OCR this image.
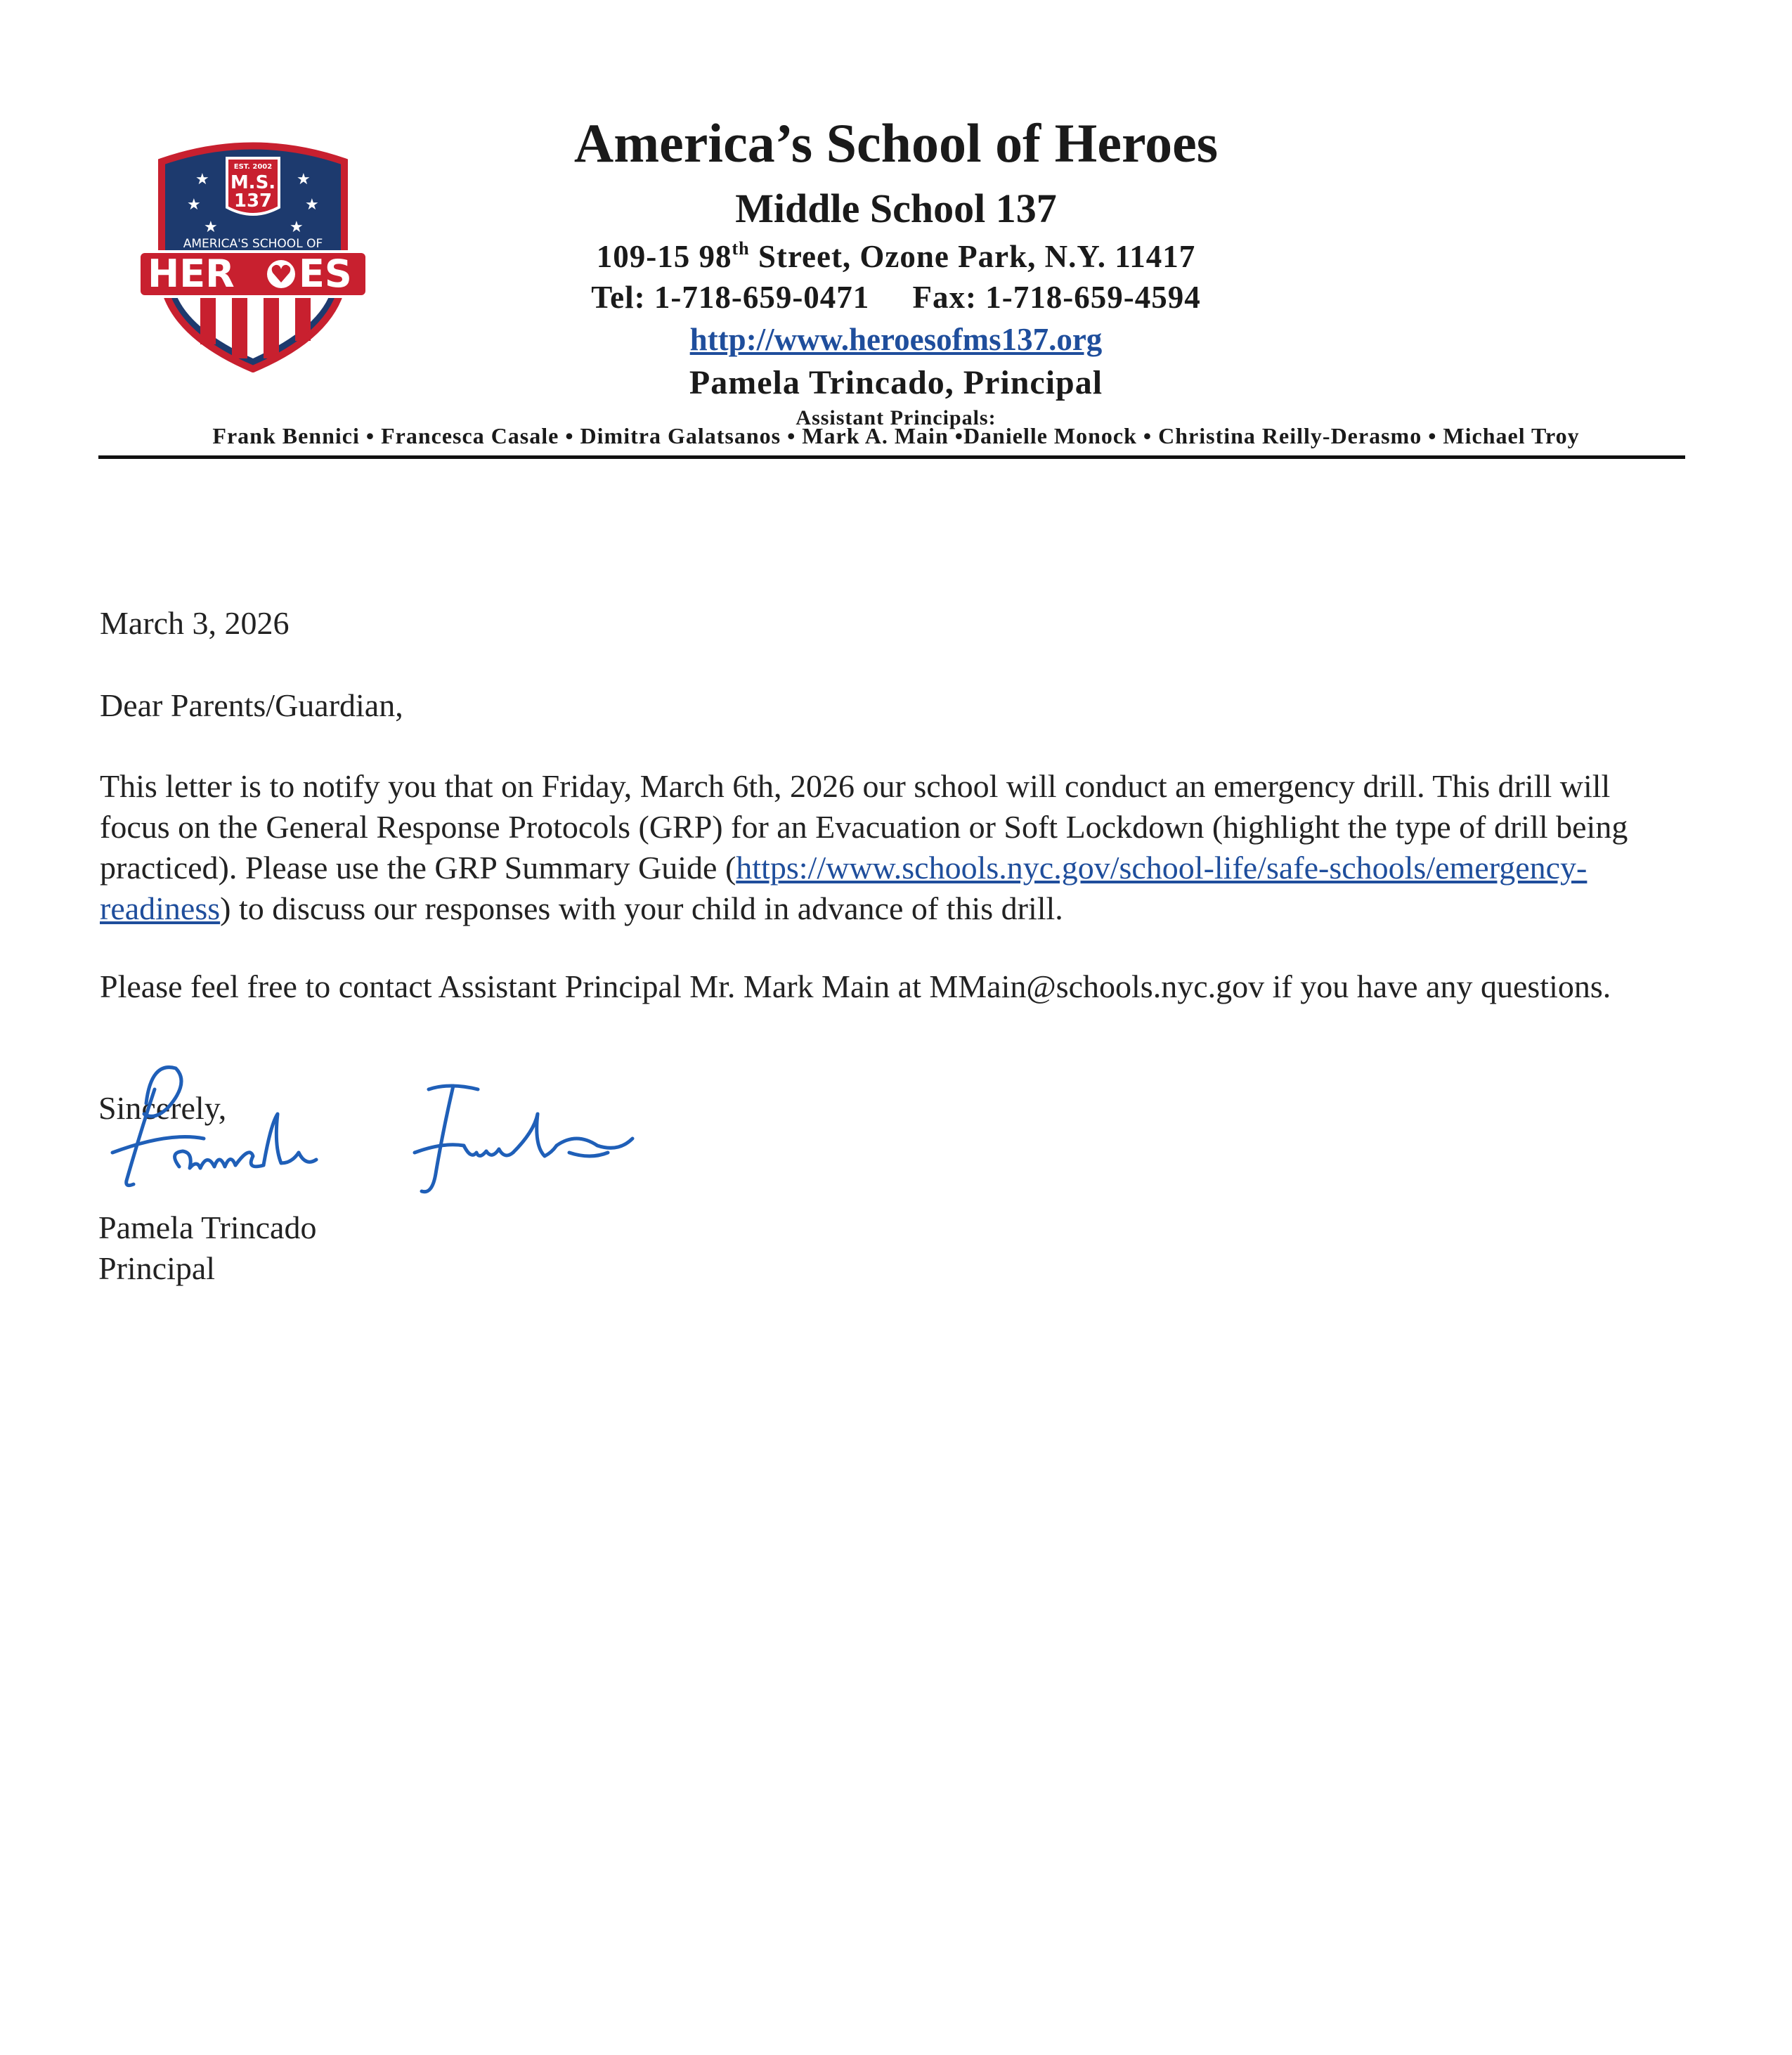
EST. 2002
M.S.
137
★	★
★	★
★	★
AMERICA'S SCHOOL OF
HER ES
America’s School of Heroes
Middle School 137
109-15 98th Street, Ozone Park, N.Y. 11417
Tel: 1-718-659-0471     Fax: 1-718-659-4594
http://www.heroesofms137.org
Pamela Trincado, Principal
Assistant Principals:
Frank Bennici • Francesca Casale • Dimitra Galatsanos • Mark A. Main •Danielle Monock • Christina Reilly-Derasmo • Michael Troy
March 3, 2026
Dear Parents/Guardian,
This letter is to notify you that on Friday, March 6th, 2026 our school will conduct an emergency drill. This drill will focus on the General Response Protocols (GRP) for an Evacuation or Soft Lockdown (highlight the type of drill being practiced). Please use the GRP Summary Guide (https://www.schools.nyc.gov/school-life/safe-schools/emergency-readiness) to discuss our responses with your child in advance of this drill.
Please feel free to contact Assistant Principal Mr. Mark Main at MMain@schools.nyc.gov if you have any questions.
Sincerely,
Pamela Trincado
Principal
